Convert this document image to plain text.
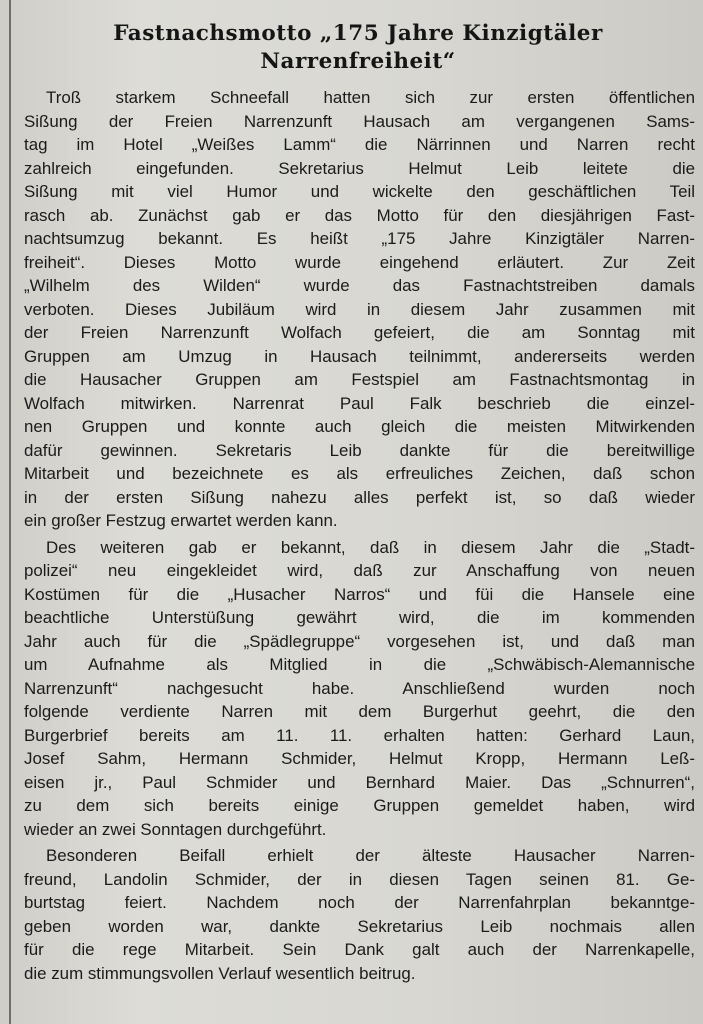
Fastnachsmotto „175 Jahre Kinzigtäler

Narrenfreiheit“

Troß starkem Schneefall hatten sich zur ersten öffentlichen
Sißung der Freien Narrenzunft Hausach am vergangenen Sams-
tag im Hotel „Weißes Lamm“ die Närrinnen und Narren recht
zahlreich eingefunden. Sekretarius Helmut Leib leitete die
Sißung mit viel Humor und wickelte den geschäftlichen Teil
rasch ab. Zunächst gab er das Motto für den diesjährigen Fast-
nachtsumzug bekannt. Es heißt „175 Jahre Kinzigtäler Narren-
freiheit“. Dieses Motto wurde eingehend erläutert. Zur Zeit
„Wilhelm des Wilden“ wurde das Fastnachtstreiben damals
verboten. Dieses Jubiläum wird in diesem Jahr zusammen mit
der Freien Narrenzunft Wolfach gefeiert, die am Sonntag mit
Gruppen am Umzug in Hausach teilnimmt, andererseits werden
die Hausacher Gruppen am Festspiel am Fastnachtsmontag in
Wolfach mitwirken. Narrenrat Paul Falk beschrieb die einzel-
nen Gruppen und konnte auch gleich die meisten Mitwirkenden
dafür gewinnen. Sekretaris Leib dankte für die bereitwillige
Mitarbeit und bezeichnete es als erfreuliches Zeichen, daß schon
in der ersten Sißung nahezu alles perfekt ist, so daß wieder
ein großer Festzug erwartet werden kann.

Des weiteren gab er bekannt, daß in diesem Jahr die „Stadt-
polizei“ neu eingekleidet wird, daß zur Anschaffung von neuen
Kostümen für die „Husacher Narros“ und füi die Hansele eine
beachtliche Unterstüßung gewährt wird, die im kommenden
Jahr auch für die „Spädlegruppe“ vorgesehen ist, und daß man
um Aufnahme als Mitglied in die „Schwäbisch-Alemannische
Narrenzunft“ nachgesucht habe. Anschließend wurden noch
folgende verdiente Narren mit dem Burgerhut geehrt, die den
Burgerbrief bereits am 11. 11. erhalten hatten: Gerhard Laun,
Josef Sahm, Hermann Schmider, Helmut Kropp, Hermann Leß-
eisen jr., Paul Schmider und Bernhard Maier. Das „Schnurren“,
zu dem sich bereits einige Gruppen gemeldet haben, wird
wieder an zwei Sonntagen durchgeführt.

Besonderen Beifall erhielt der älteste Hausacher Narren-
freund, Landolin Schmider, der in diesen Tagen seinen 81. Ge-
burtstag feiert. Nachdem noch der Narrenfahrplan bekanntge-
geben worden war, dankte Sekretarius Leib nochmais allen
für die rege Mitarbeit. Sein Dank galt auch der Narrenkapelle,
die zum stimmungsvollen Verlauf wesentlich beitrug.
